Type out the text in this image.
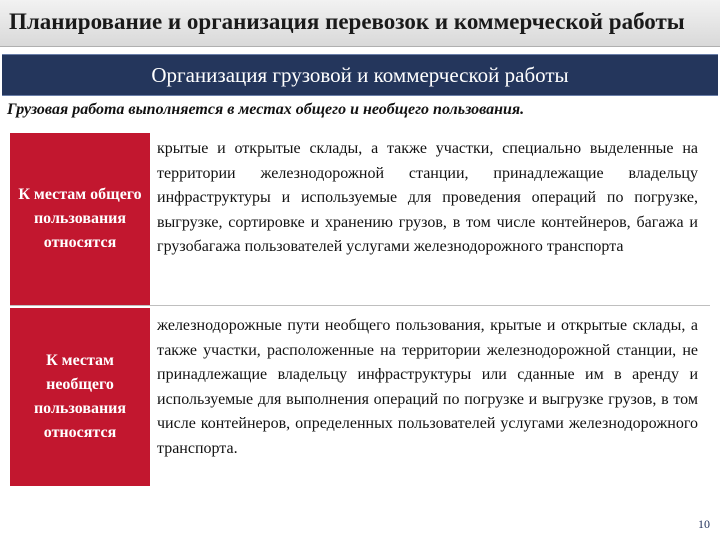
Планирование и организация перевозок и коммерческой работы
Организация грузовой и коммерческой работы
Грузовая работа выполняется в местах общего и необщего пользования.
К местам общего пользования относятся
крытые и открытые склады, а также участки, специально выделенные на территории железнодорожной станции, принадлежащие владельцу инфраструктуры и используемые для проведения операций по погрузке, выгрузке, сортировке и хранению грузов, в том числе контейнеров, багажа и грузобагажа пользователей услугами железнодорожного транспорта
К местам необщего пользования относятся
железнодорожные пути необщего пользования, крытые и открытые склады, а также участки, расположенные на территории железнодорожной станции, не принадлежащие владельцу инфраструктуры или сданные им в аренду и используемые для выполнения операций по погрузке и выгрузке грузов, в том числе контейнеров, определенных пользователей услугами железнодорожного транспорта.
10
